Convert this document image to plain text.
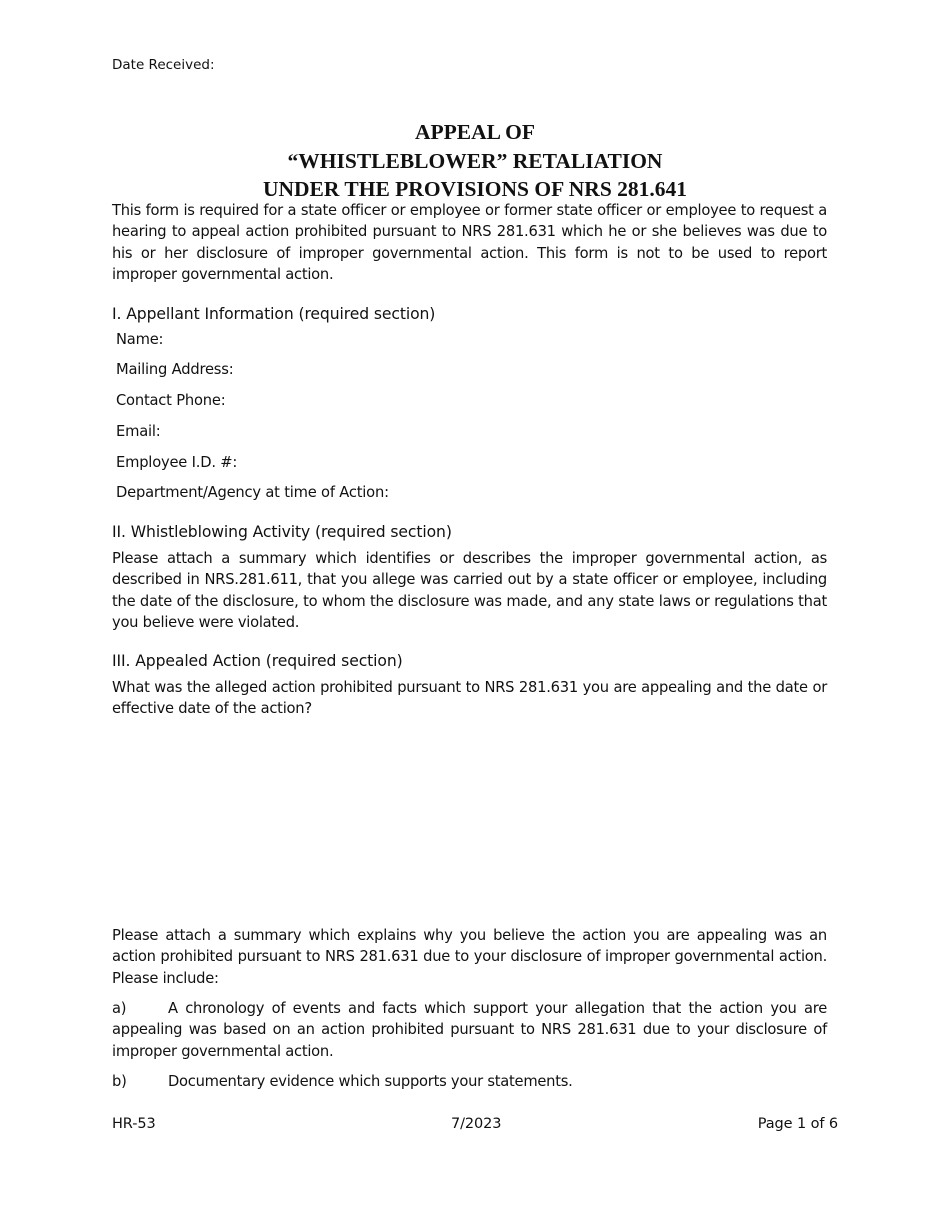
Date Received:
APPEAL OF
“WHISTLEBLOWER” RETALIATION
UNDER THE PROVISIONS OF NRS 281.641
This form is required for a state officer or employee or former state officer or employee to request a hearing to appeal action prohibited pursuant to NRS 281.631 which he or she believes was due to his or her disclosure of improper governmental action. This form is not to be used to report improper governmental action.
I. Appellant Information (required section)
Name:
Mailing Address:
Contact Phone:
Email:
Employee I.D. #:
Department/Agency at time of Action:
II. Whistleblowing Activity (required section)
Please attach a summary which identifies or describes the improper governmental action, as described in NRS.281.611, that you allege was carried out by a state officer or employee, including the date of the disclosure, to whom the disclosure was made, and any state laws or regulations that you believe were violated.
III. Appealed Action (required section)
What was the alleged action prohibited pursuant to NRS 281.631 you are appealing and the date or effective date of the action?
Please attach a summary which explains why you believe the action you are appealing was an action prohibited pursuant to NRS 281.631 due to your disclosure of improper governmental action. Please include:
a)	A chronology of events and facts which support your allegation that the action you are appealing was based on an action prohibited pursuant to NRS 281.631 due to your disclosure of improper governmental action.
b)	Documentary evidence which supports your statements.
HR-53	7/2023	Page 1 of 6
